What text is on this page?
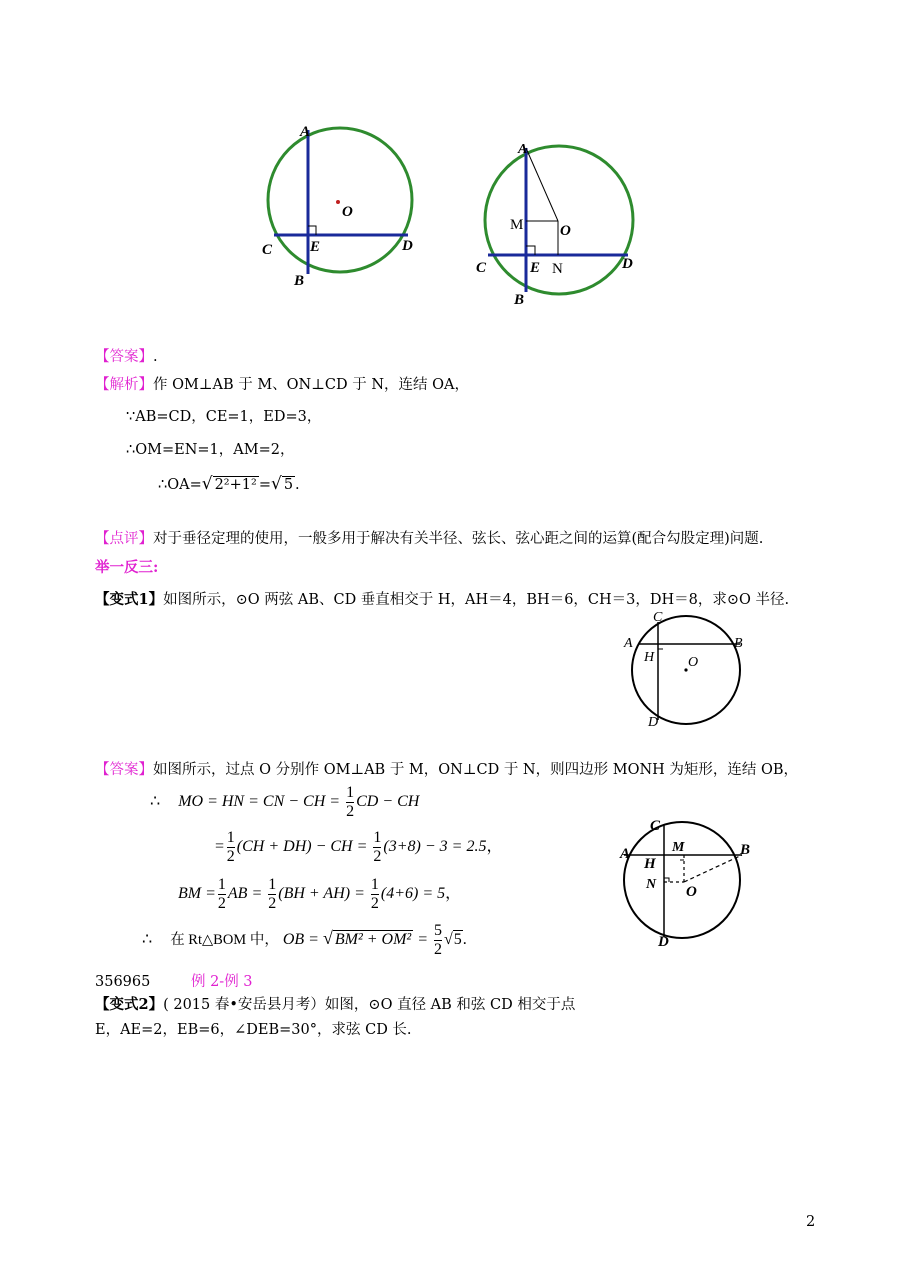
A
O
C	E	D
B
A
M O
C	E N	D
B
【答案】.
【解析】作 OM⊥AB 于 M、ON⊥CD 于 N，连结 OA，
∵AB=CD，CE=1，ED=3，
∴OM=EN=1，AM=2，
∴OA=√ 2²+1² =√ 5 .
【点评】对于垂径定理的使用，一般多用于解决有关半径、弦长、弦心距之间的运算(配合勾股定理)问题.
举一反三:
【变式1】如图所示，⊙O 两弦 AB、CD 垂直相交于 H，AH＝4，BH＝6，CH＝3，DH＝8，求⊙O 半径.
C
A	B
H O
D
【答案】如图所示，过点 O 分别作 OM⊥AB 于 M，ON⊥CD 于 N，则四边形 MONH 为矩形，连结 OB，
∴ MO = HN = CN − CH = $\frac{1}{2}$ CD − CH
= $\frac{1}{2} (CH + DH)$ − CH = $\frac{1}{2} (3+8) - 3 = 2.5$，
BM = $\frac{1}{2}$ AB = $\frac{1}{2} (BH + AH) = \frac{1}{2} (4+6) = 5$，
∴ 在 Rt△BOM 中， OB = √ $BM^2 + OM^2 = \frac{5}{2} √5$.
C
M
A	B
H
N O
D
356965	例 2-例 3
【变式2】( 2015 春•安岳县月考）如图，⊙O 直径 AB 和弦 CD 相交于点
E，AE=2，EB=6，∠DEB=30°，求弦 CD 长.
2
